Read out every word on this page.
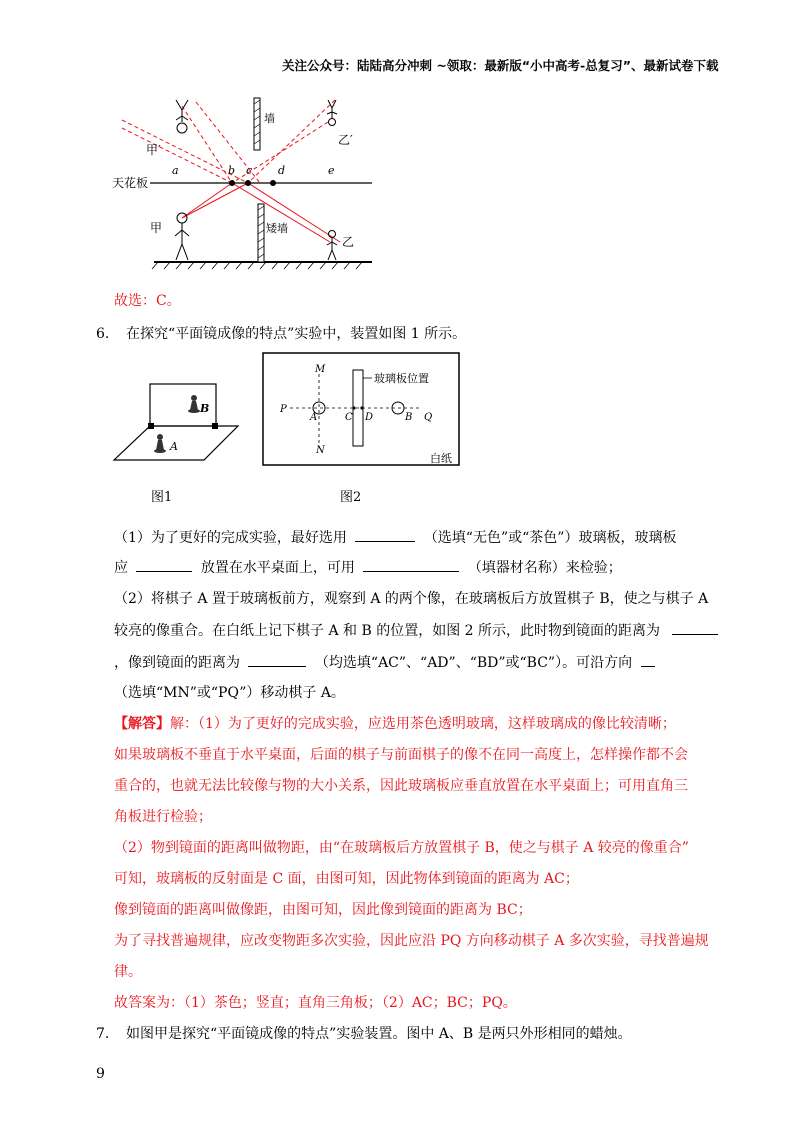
关注公众号：陆陆高分冲刺 ~领取：最新版“小中高考-总复习”、最新试卷下载
a	b c d	e
甲′
乙′
天花板
墙
矮墙
甲
乙
故选：C。
6. 在探究“平面镜成像的特点”实验中，装置如图 1 所示。
B
A
图1
M
N
P
A	C D	B Q
玻璃板位置
白纸
图2
（1）为了更好的完成实验，最好选用	（选填“无色”或“茶色”）玻璃板，玻璃板
应	放置在水平桌面上，可用	（填器材名称）来检验；
（2）将棋子 A 置于玻璃板前方，观察到 A 的两个像，在玻璃板后方放置棋子 B，使之与棋子 A
较亮的像重合。在白纸上记下棋子 A 和 B 的位置，如图 2 所示，此时物到镜面的距离为
，像到镜面的距离为	（均选填“AC”、“AD”、“BD”或“BC”）。可沿方向
（选填“MN”或“PQ”）移动棋子 A。
【解答】解：（1）为了更好的完成实验，应选用茶色透明玻璃，这样玻璃成的像比较清晰；
如果玻璃板不垂直于水平桌面，后面的棋子与前面棋子的像不在同一高度上，怎样操作都不会
重合的，也就无法比较像与物的大小关系，因此玻璃板应垂直放置在水平桌面上；可用直角三
角板进行检验；
（2）物到镜面的距离叫做物距，由“在玻璃板后方放置棋子 B，使之与棋子 A 较亮的像重合”
可知，玻璃板的反射面是 C 面，由图可知，因此物体到镜面的距离为 AC；
像到镜面的距离叫做像距，由图可知，因此像到镜面的距离为 BC；
为了寻找普遍规律，应改变物距多次实验，因此应沿 PQ 方向移动棋子 A 多次实验，寻找普遍规
律。
故答案为：（1）茶色；竖直；直角三角板；（2）AC；BC；PQ。
7. 如图甲是探究“平面镜成像的特点”实验装置。图中 A、B 是两只外形相同的蜡烛。
9
